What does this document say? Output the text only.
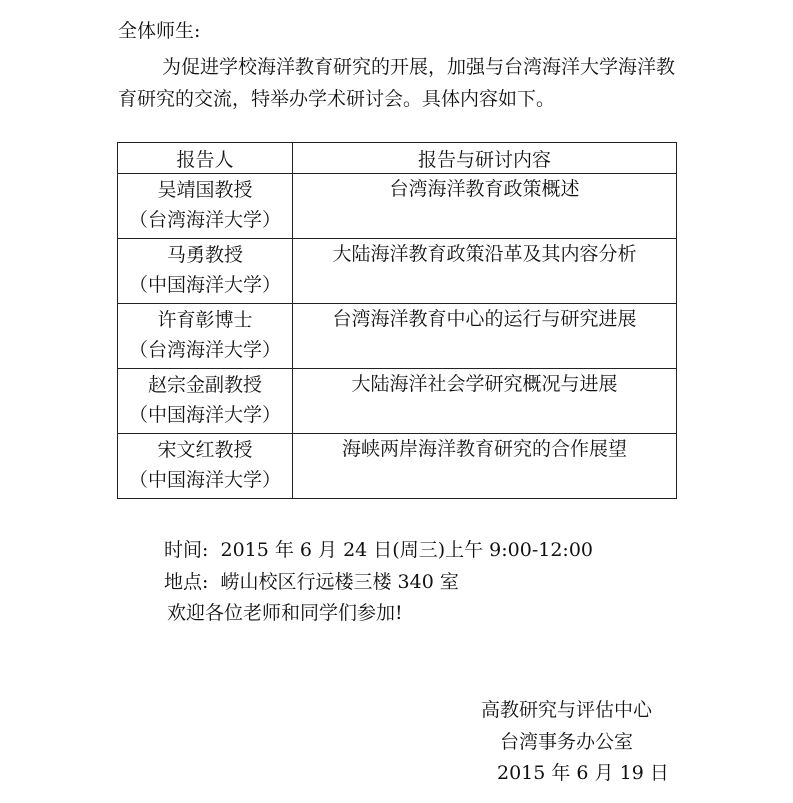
全体师生:
为促进学校海洋教育研究的开展，加强与台湾海洋大学海洋教育研究的交流，特举办学术研讨会。具体内容如下。
报告人	报告与研讨内容

吴靖国教授
（台湾海洋大学）	台湾海洋教育政策概述

马勇教授
（中国海洋大学）	大陆海洋教育政策沿革及其内容分析

许育彰博士
（台湾海洋大学）	台湾海洋教育中心的运行与研究进展

赵宗金副教授
（中国海洋大学）	大陆海洋社会学研究概况与进展

宋文红教授
（中国海洋大学）	海峡两岸海洋教育研究的合作展望
时间:  2015 年 6 月 24 日(周三)上午 9:00-12:00
地点:  崂山校区行远楼三楼 340 室
欢迎各位老师和同学们参加!
高教研究与评估中心
台湾事务办公室
2015 年 6 月 19 日
